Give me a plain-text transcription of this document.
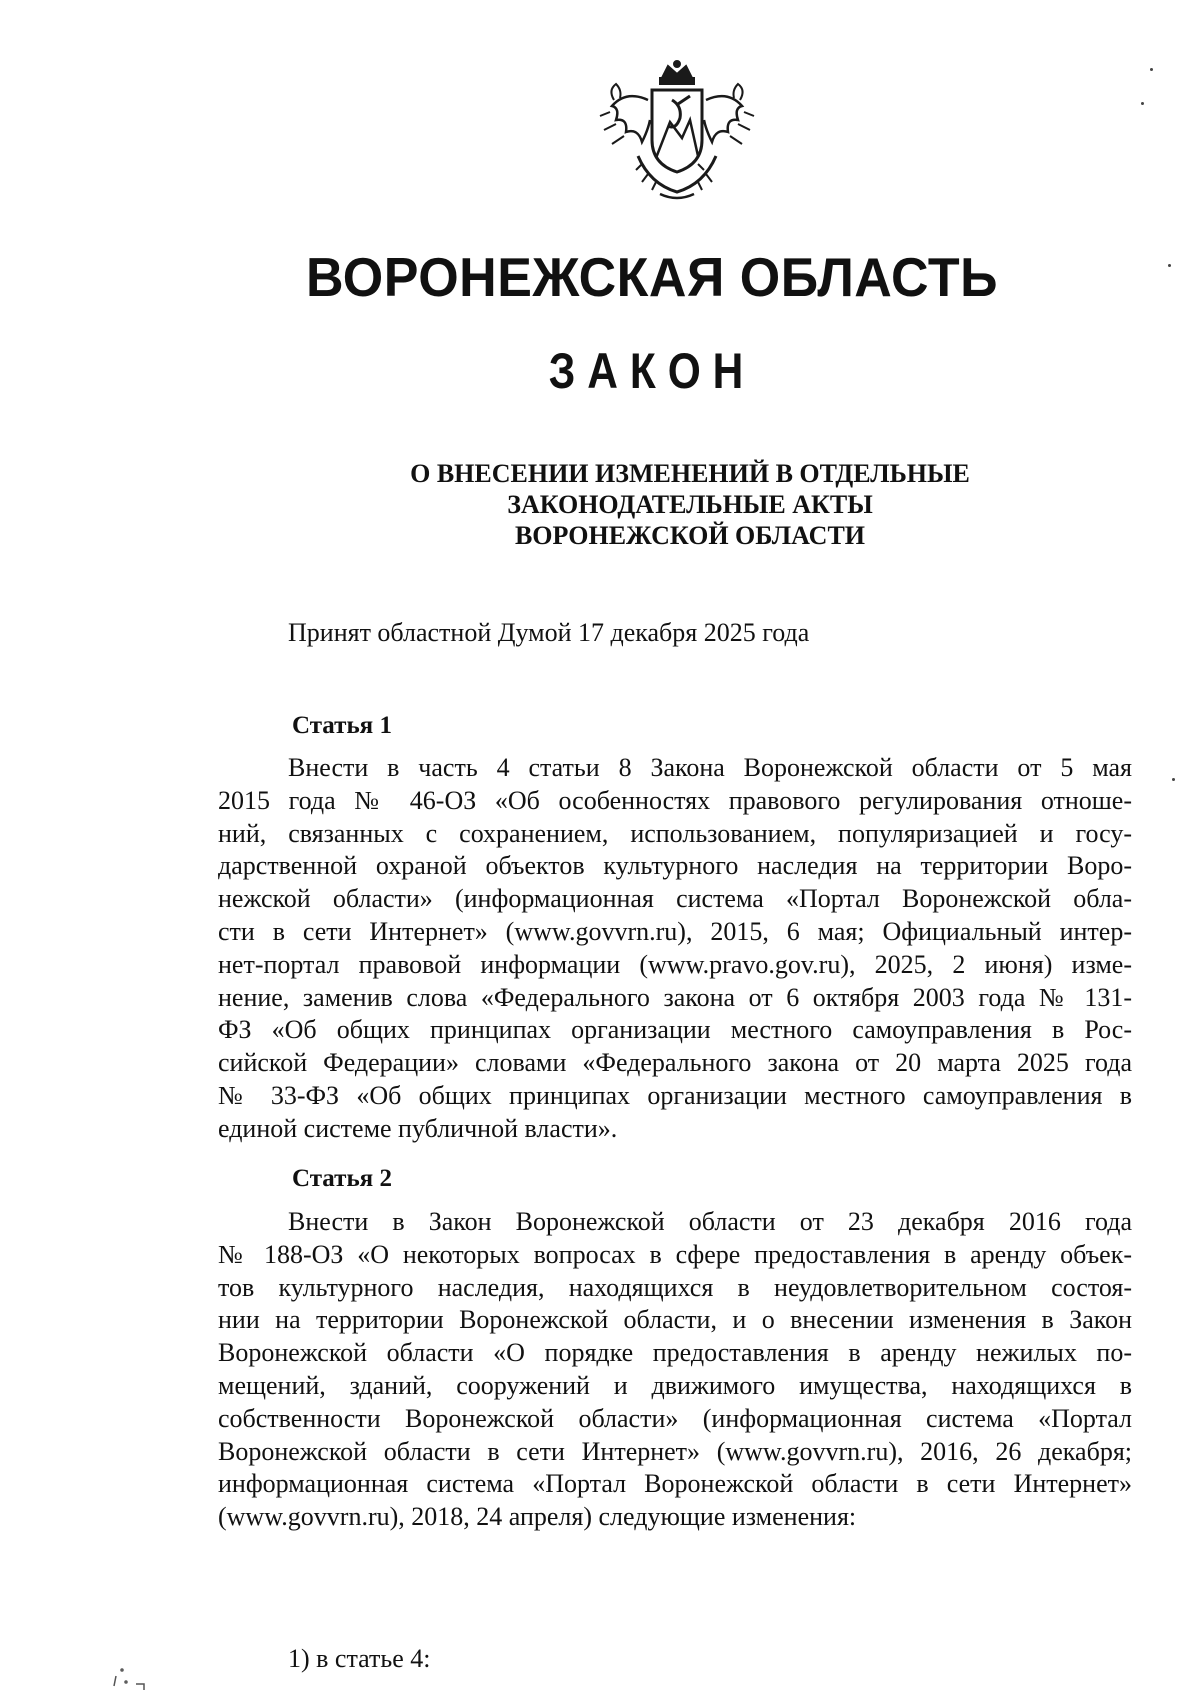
ВОРОНЕЖСКАЯ ОБЛАСТЬ
ЗАКОН
О ВНЕСЕНИИ ИЗМЕНЕНИЙ В ОТДЕЛЬНЫЕ
ЗАКОНОДАТЕЛЬНЫЕ АКТЫ
ВОРОНЕЖСКОЙ ОБЛАСТИ
Принят областной Думой 17 декабря 2025 года
Статья 1
Внести в часть 4 статьи 8 Закона Воронежской области от 5 мая
2015 года № 46-ОЗ «Об особенностях правового регулирования отноше-
ний, связанных с сохранением, использованием, популяризацией и госу-
дарственной охраной объектов культурного наследия на территории Воро-
нежской области» (информационная система «Портал Воронежской обла-
сти в сети Интернет» (www.govvrn.ru), 2015, 6 мая; Официальный интер-
нет-портал правовой информации (www.pravo.gov.ru), 2025, 2 июня) изме-
нение, заменив слова «Федерального закона от 6 октября 2003 года № 131-
ФЗ «Об общих принципах организации местного самоуправления в Рос-
сийской Федерации» словами «Федерального закона от 20 марта 2025 года
№ 33-ФЗ «Об общих принципах организации местного самоуправления в
единой системе публичной власти».
Статья 2
Внести в Закон Воронежской области от 23 декабря 2016 года
№ 188-ОЗ «О некоторых вопросах в сфере предоставления в аренду объек-
тов культурного наследия, находящихся в неудовлетворительном состоя-
нии на территории Воронежской области, и о внесении изменения в Закон
Воронежской области «О порядке предоставления в аренду нежилых по-
мещений, зданий, сооружений и движимого имущества, находящихся в
собственности Воронежской области» (информационная система «Портал
Воронежской области в сети Интернет» (www.govvrn.ru), 2016, 26 декабря;
информационная система «Портал Воронежской области в сети Интернет»
(www.govvrn.ru), 2018, 24 апреля) следующие изменения:
1) в статье 4:
